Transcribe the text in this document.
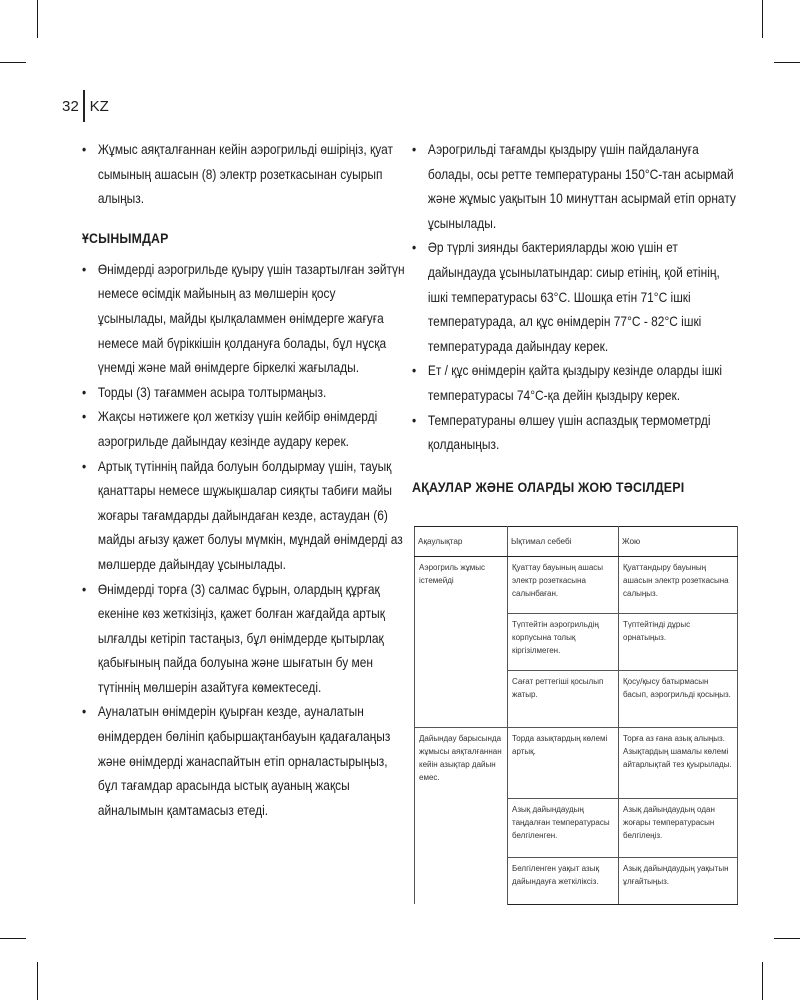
32 KZ
• Жұмыс аяқталғаннан кейін аэрогрильді өшіріңіз, қуат сымының ашасын (8) электр розеткасынан суырып алыңыз.
ҰСЫНЫМДАР
• Өнімдерді аэрогрильде қуыру үшін тазартылған зәйтүн немесе өсімдік майының аз мөлшерін қосу ұсынылады, майды қылқаламмен өнімдерге жағуға немесе май бүріккішін қолдануға болады, бұл нұсқа үнемді және май өнімдерге біркелкі жағылады.
• Торды (3) тағаммен асыра толтырмаңыз.
• Жақсы нәтижеге қол жеткізу үшін кейбір өнімдерді аэрогрильде дайындау кезінде аудару керек.
• Артық түтіннің пайда болуын болдырмау үшін, тауық қанаттары немесе шұжықшалар сияқты табиғи майы жоғары тағамдарды дайындаған кезде, астаудан (6) майды ағызу қажет болуы мүмкін, мұндай өнімдерді аз мөлшерде дайындау ұсынылады.
• Өнімдерді торға (3) салмас бұрын, олардың құрғақ екеніне көз жеткізіңіз, қажет болған жағдайда артық ылғалды кетіріп тастаңыз, бұл өнімдерде қытырлақ қабығының пайда болуына және шығатын бу мен түтіннің мөлшерін азайтуға көмектеседі.
• Ауналатын өнімдерін қуырған кезде, ауналатын өнімдерден бөлініп қабыршақтанбауын қадағалаңыз және өнімдерді жанаспайтын етіп орналастырыңыз, бұл тағамдар арасында ыстық ауаның жақсы айналымын қамтамасыз етеді.
• Аэрогрильді тағамды қыздыру үшін пайдалануға болады, осы ретте температураны 150°С-тан асырмай және жұмыс уақытын 10 минуттан асырмай етіп орнату ұсынылады.
• Әр түрлі зиянды бактерияларды жою үшін ет дайындауда ұсынылатындар: сиыр етінің, қой етінің, ішкі температурасы 63°С. Шошқа етін 71°С ішкі температурада, ал құс өнімдерін 77°С - 82°С ішкі температурада дайындау керек.
• Ет / құс өнімдерін қайта қыздыру кезінде оларды ішкі температурасы 74°С-қа дейін қыздыру керек.
• Температураны өлшеу үшін аспаздық термометрді қолданыңыз.
АҚАУЛАР ЖӘНЕ ОЛАРДЫ ЖОЮ ТӘСІЛДЕРІ
Ақаулықтар	Ықтимал себебі	Жою
Аэрогриль жұмыс істемейді	Қуаттау бауының ашасы электр розеткасына салынбаған.	Қуаттандыру бауының ашасын электр розеткасына салыңыз.
	Түптейтін аэрогрильдің корпусына толық кіргізілмеген.	Түптейтінді дұрыс орнатыңыз.
	Сағат реттегіші қосылып жатыр.	Қосу/қысу батырмасын басып, аэрогрильді қосыңыз.
Дайындау барысында жұмысы аяқталғаннан кейін азықтар дайын емес.	Торда азықтардың көлемі артық.	Торға аз ғана азық алыңыз. Азықтардың шамалы көлемі айтарлықтай тез қуырылады.
	Азық дайындаудың таңдалған температурасы белгіленген.	Азық дайындаудың одан жоғары температурасын белгілеңіз.
	Белгіленген уақыт азық дайындауға жеткіліксіз.	Азық дайындаудың уақытын ұлғайтыңыз.
